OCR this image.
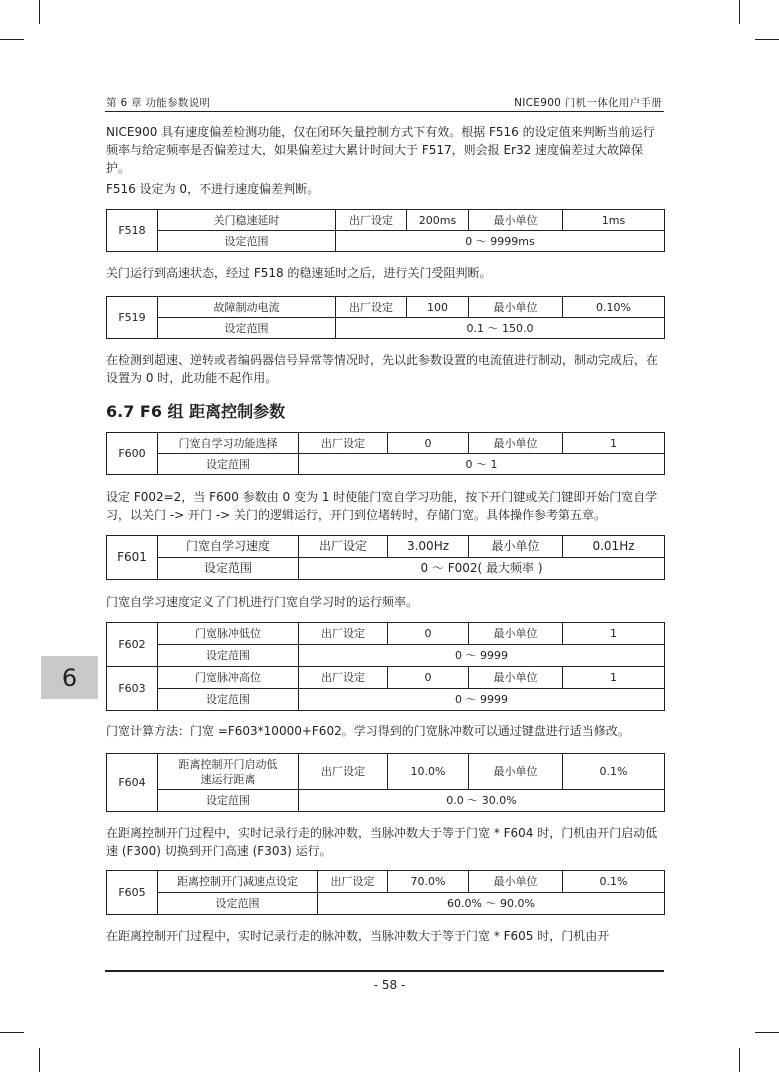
第 6 章 功能参数说明	NICE900 门机一体化用户手册

NICE900 具有速度偏差检测功能，仅在闭环矢量控制方式下有效。根据 F516 的设定值来判断当前运行频率与给定频率是否偏差过大，如果偏差过大累计时间大于 F517，则会报 Er32 速度偏差过大故障保护。

F516 设定为 0，不进行速度偏差判断。

F518	关门稳速延时	出厂设定	200ms	最小单位	1ms
	设定范围	0 ～ 9999ms			

关门运行到高速状态，经过 F518 的稳速延时之后，进行关门受阻判断。

F519	故障制动电流	出厂设定	100	最小单位	0.10%
	设定范围	0.1 ～ 150.0			

在检测到超速、逆转或者编码器信号异常等情况时，先以此参数设置的电流值进行制动，制动完成后，在设置为 0 时，此功能不起作用。

6.7 F6 组 距离控制参数
F600	门宽自学习功能选择	出厂设定	0	最小单位	1
	设定范围	0 ～ 1			

设定 F002=2，当 F600 参数由 0 变为 1 时使能门宽自学习功能，按下开门键或关门键即开始门宽自学习，以关门 -> 开门 -> 关门的逻辑运行，开门到位堵转时，存储门宽。具体操作参考第五章。

F601	门宽自学习速度	出厂设定	3.00Hz	最小单位	0.01Hz
	设定范围	0 ～ F002( 最大频率 )			

门宽自学习速度定义了门机进行门宽自学习时的运行频率。

F602	门宽脉冲低位	出厂设定	0	最小单位	1
	设定范围	0 ～ 9999			
F603	门宽脉冲高位	出厂设定	0	最小单位	1
	设定范围	0 ～ 9999			
6

门宽计算方法：门宽 =F603*10000+F602。学习得到的门宽脉冲数可以通过键盘进行适当修改。

F604	距离控制开门启动低速运行距离	出厂设定	10.0%	最小单位	0.1%
	设定范围	0.0 ～ 30.0%			

在距离控制开门过程中，实时记录行走的脉冲数，当脉冲数大于等于门宽 * F604 时，门机由开门启动低速 (F300) 切换到开门高速 (F303) 运行。

F605	距离控制开门减速点设定	出厂设定	70.0%	最小单位	0.1%
	设定范围	60.0% ～ 90.0%			

在距离控制开门过程中，实时记录行走的脉冲数，当脉冲数大于等于门宽 * F605 时，门机由开

- 58 -
